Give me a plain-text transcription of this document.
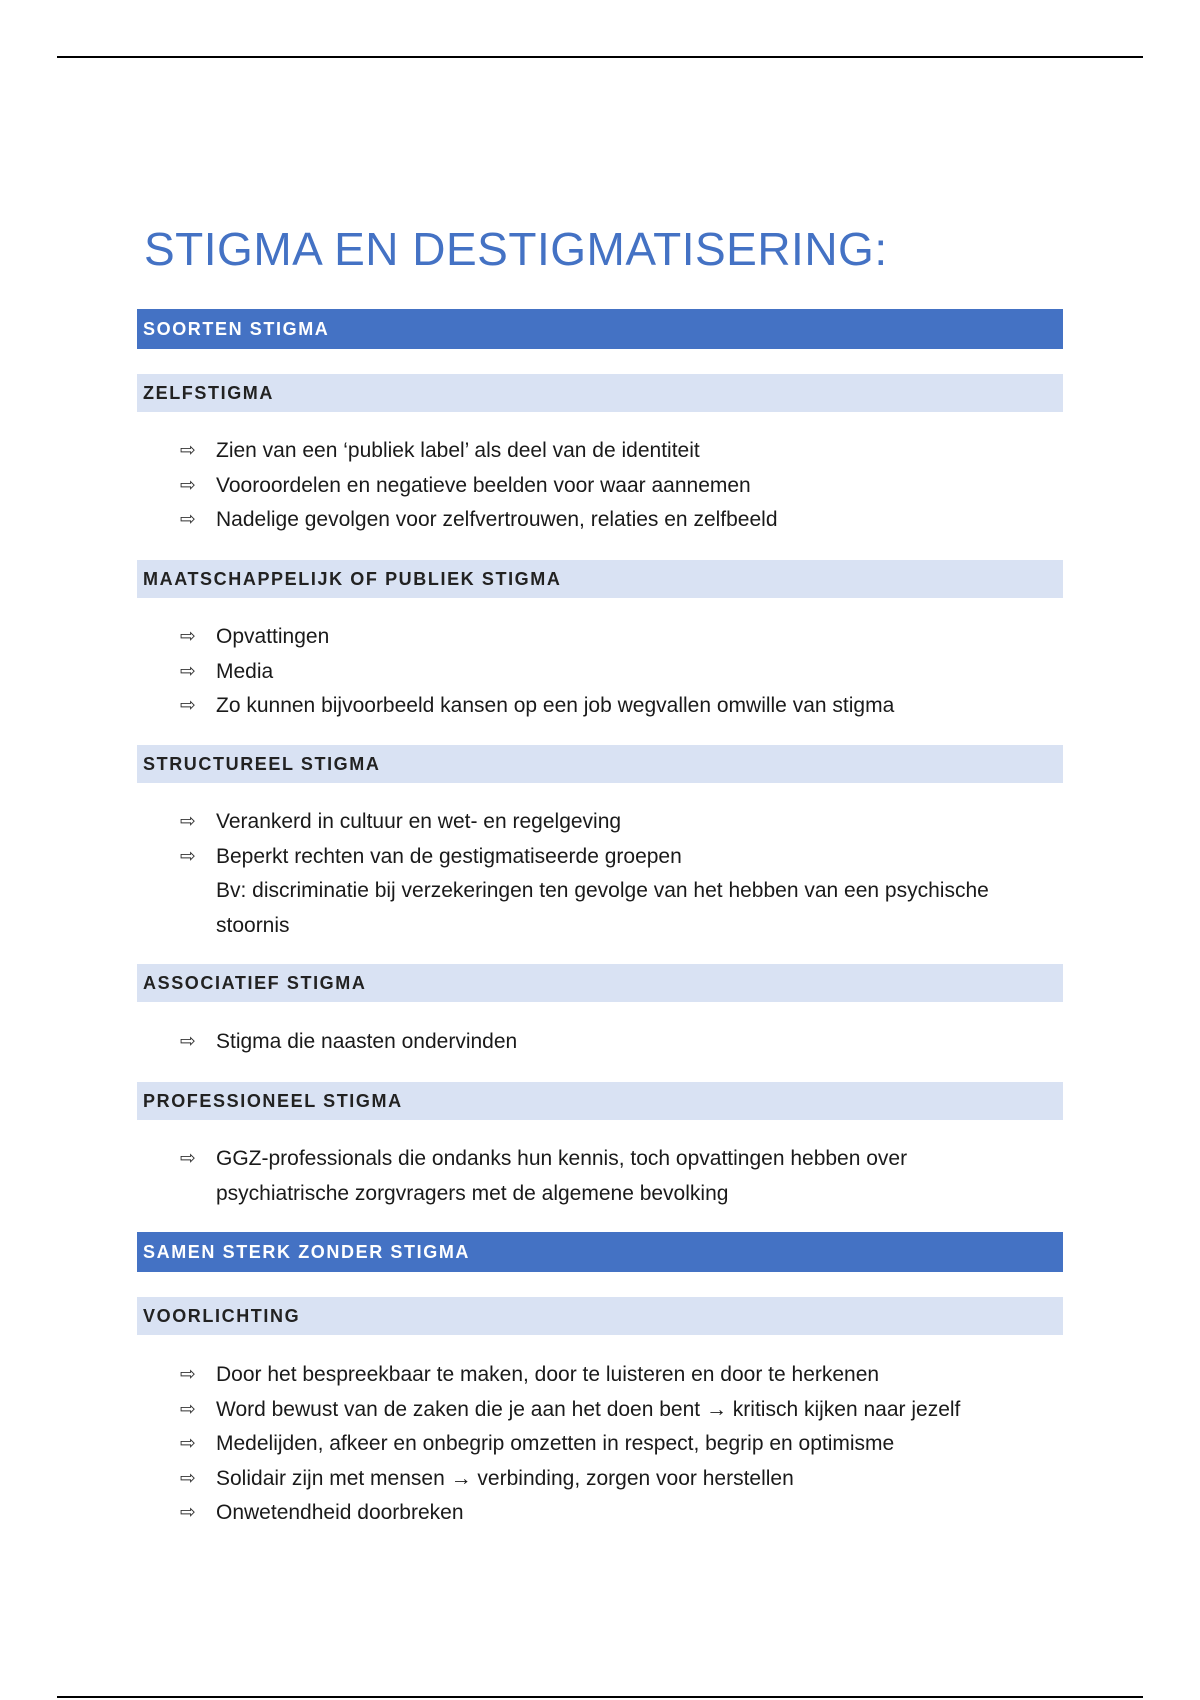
STIGMA EN DESTIGMATISERING:
SOORTEN STIGMA
ZELFSTIGMA
⇨ Zien van een ‘publiek label’ als deel van de identiteit
⇨ Vooroordelen en negatieve beelden voor waar aannemen
⇨ Nadelige gevolgen voor zelfvertrouwen, relaties en zelfbeeld
MAATSCHAPPELIJK OF PUBLIEK STIGMA
⇨ Opvattingen
⇨ Media
⇨ Zo kunnen bijvoorbeeld kansen op een job wegvallen omwille van stigma
STRUCTUREEL STIGMA
⇨ Verankerd in cultuur en wet- en regelgeving
⇨ Beperkt rechten van de gestigmatiseerde groepen
Bv: discriminatie bij verzekeringen ten gevolge van het hebben van een psychische stoornis
ASSOCIATIEF STIGMA
⇨ Stigma die naasten ondervinden
PROFESSIONEEL STIGMA
⇨ GGZ-professionals die ondanks hun kennis, toch opvattingen hebben over psychiatrische zorgvragers met de algemene bevolking
SAMEN STERK ZONDER STIGMA
VOORLICHTING
⇨ Door het bespreekbaar te maken, door te luisteren en door te herkenen
⇨ Word bewust van de zaken die je aan het doen bent → kritisch kijken naar jezelf
⇨ Medelijden, afkeer en onbegrip omzetten in respect, begrip en optimisme
⇨ Solidair zijn met mensen → verbinding, zorgen voor herstellen
⇨ Onwetendheid doorbreken
